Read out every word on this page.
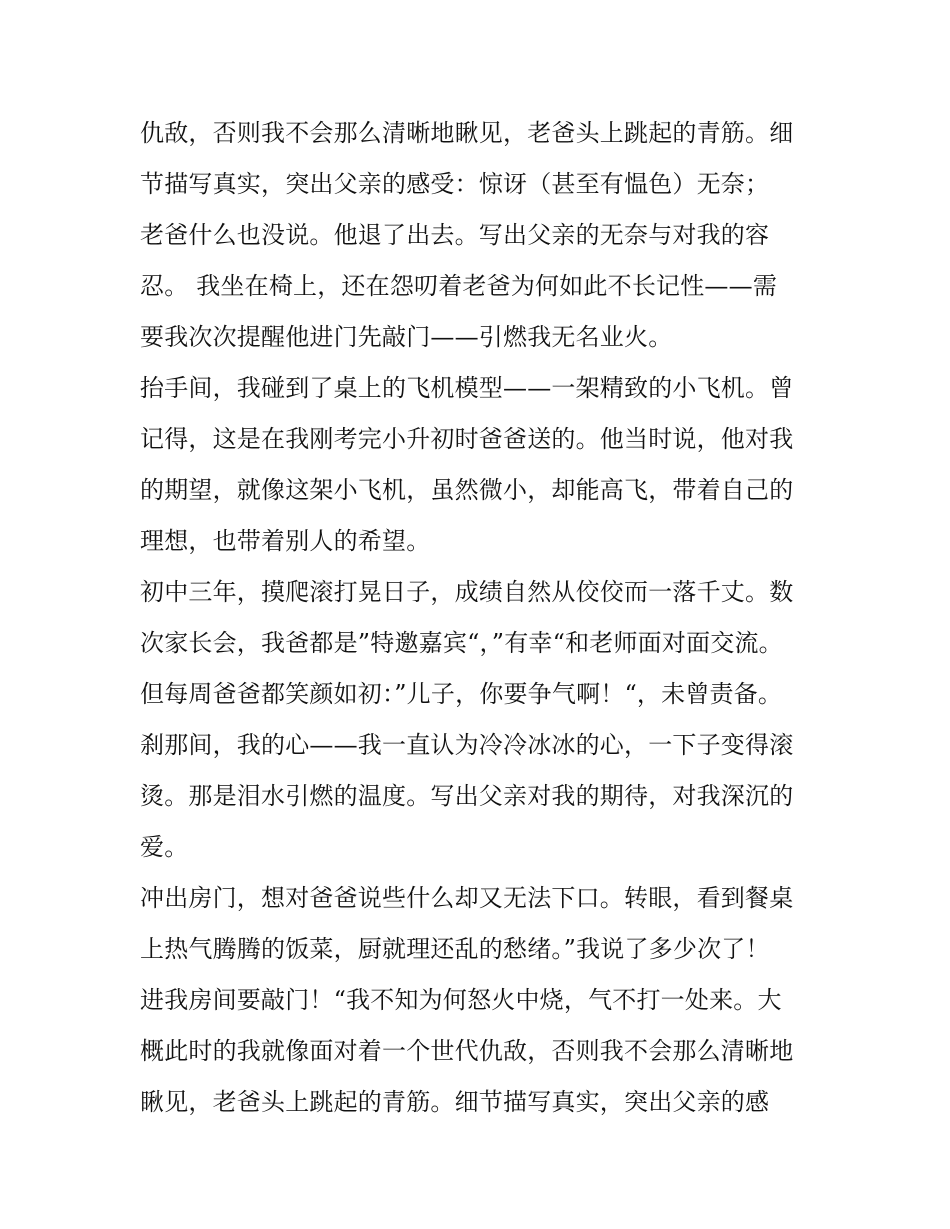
仇敌，否则我不会那么清晰地瞅见，老爸头上跳起的青筋。细
节描写真实，突出父亲的感受：惊讶（甚至有愠色）无奈；
老爸什么也没说。他退了出去。写出父亲的无奈与对我的容
忍。 我坐在椅上，还在怨叨着老爸为何如此不长记性——需
要我次次提醒他进门先敲门——引燃我无名业火。
抬手间，我碰到了桌上的飞机模型——一架精致的小飞机。曾
记得，这是在我刚考完小升初时爸爸送的。他当时说，他对我
的期望，就像这架小飞机，虽然微小，却能高飞，带着自己的
理想，也带着别人的希望。
初中三年，摸爬滚打晃日子，成绩自然从佼佼而一落千丈。数
次家长会，我爸都是”特邀嘉宾“，”有幸“和老师面对面交流。
但每周爸爸都笑颜如初：”儿子，你要争气啊！“，未曾责备。
刹那间，我的心——我一直认为冷冷冰冰的心，一下子变得滚
烫。那是泪水引燃的温度。写出父亲对我的期待，对我深沉的
爱。
冲出房门，想对爸爸说些什么却又无法下口。转眼，看到餐桌
上热气腾腾的饭菜，厨就理还乱的愁绪。”我说了多少次了！
进我房间要敲门！“我不知为何怒火中烧，气不打一处来。大
概此时的我就像面对着一个世代仇敌，否则我不会那么清晰地
瞅见，老爸头上跳起的青筋。细节描写真实，突出父亲的感
